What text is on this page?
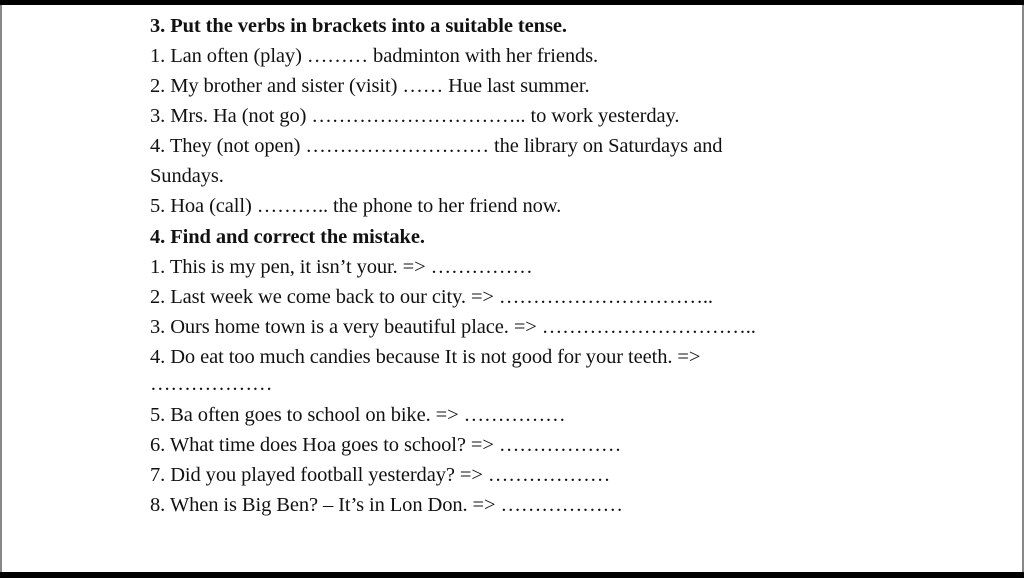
3. Put the verbs in brackets into a suitable tense.
1. Lan often (play) ……… badminton with her friends.
2. My brother and sister (visit) …… Hue last summer.
3. Mrs. Ha (not go) ………………………….. to work yesterday.
4. They (not open) ……………………… the library on Saturdays and
Sundays.
5. Hoa (call) ……….. the phone to her friend now.
4. Find and correct the mistake.
1. This is my pen, it isn’t your. => ……………
2. Last week we come back to our city. => …………………………..
3. Ours home town is a very beautiful place. => …………………………..
4. Do eat too much candies because It is not good for your teeth. =>
………………
5. Ba often goes to school on bike. => ……………
6. What time does Hoa goes to school? => ………………
7. Did you played football yesterday? => ………………
8. When is Big Ben? – It’s in Lon Don. => ………………
